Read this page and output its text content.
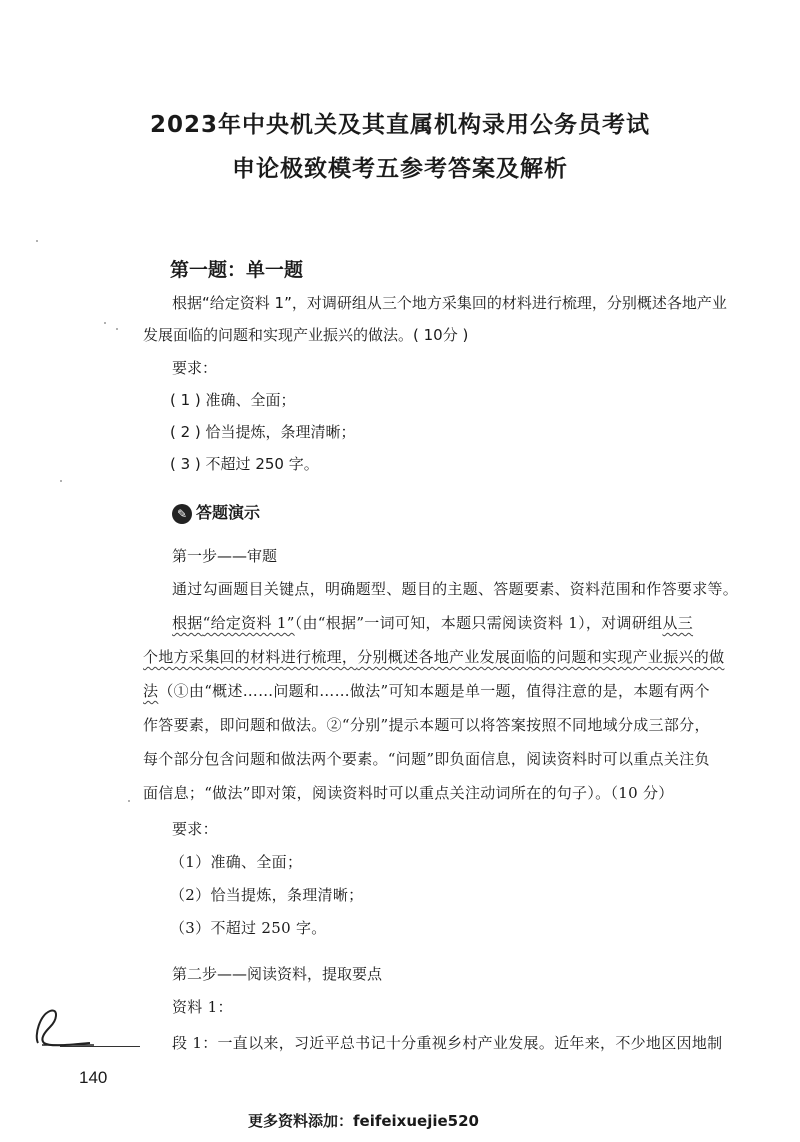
2023年中央机关及其直属机构录用公务员考试
申论极致模考五参考答案及解析
第一题：单一题
根据“给定资料 1”，对调研组从三个地方采集回的材料进行梳理，分别概述各地产业
发展面临的问题和实现产业振兴的做法。( 10分 )
要求：
( 1 ) 准确、全面；
( 2 ) 恰当提炼，条理清晰；
( 3 ) 不超过 250 字。
✎ 答题演示
第一步——审题
通过勾画题目关键点，明确题型、题目的主题、答题要素、资料范围和作答要求等。
根据“给定资料 1”（由“根据”一词可知，本题只需阅读资料 1），对调研组从三
个地方采集回的材料进行梳理，分别概述各地产业发展面临的问题和实现产业振兴的做
法（①由“概述……问题和……做法”可知本题是单一题，值得注意的是，本题有两个
作答要素，即问题和做法。②“分别”提示本题可以将答案按照不同地域分成三部分，
每个部分包含问题和做法两个要素。“问题”即负面信息，阅读资料时可以重点关注负
面信息；“做法”即对策，阅读资料时可以重点关注动词所在的句子）。（10 分）
要求：
（1）准确、全面；
（2）恰当提炼，条理清晰；
（3）不超过 250 字。
第二步——阅读资料，提取要点
资料 1：
段 1：一直以来，习近平总书记十分重视乡村产业发展。近年来，不少地区因地制
140
更多资料添加：feifeixuejie520
